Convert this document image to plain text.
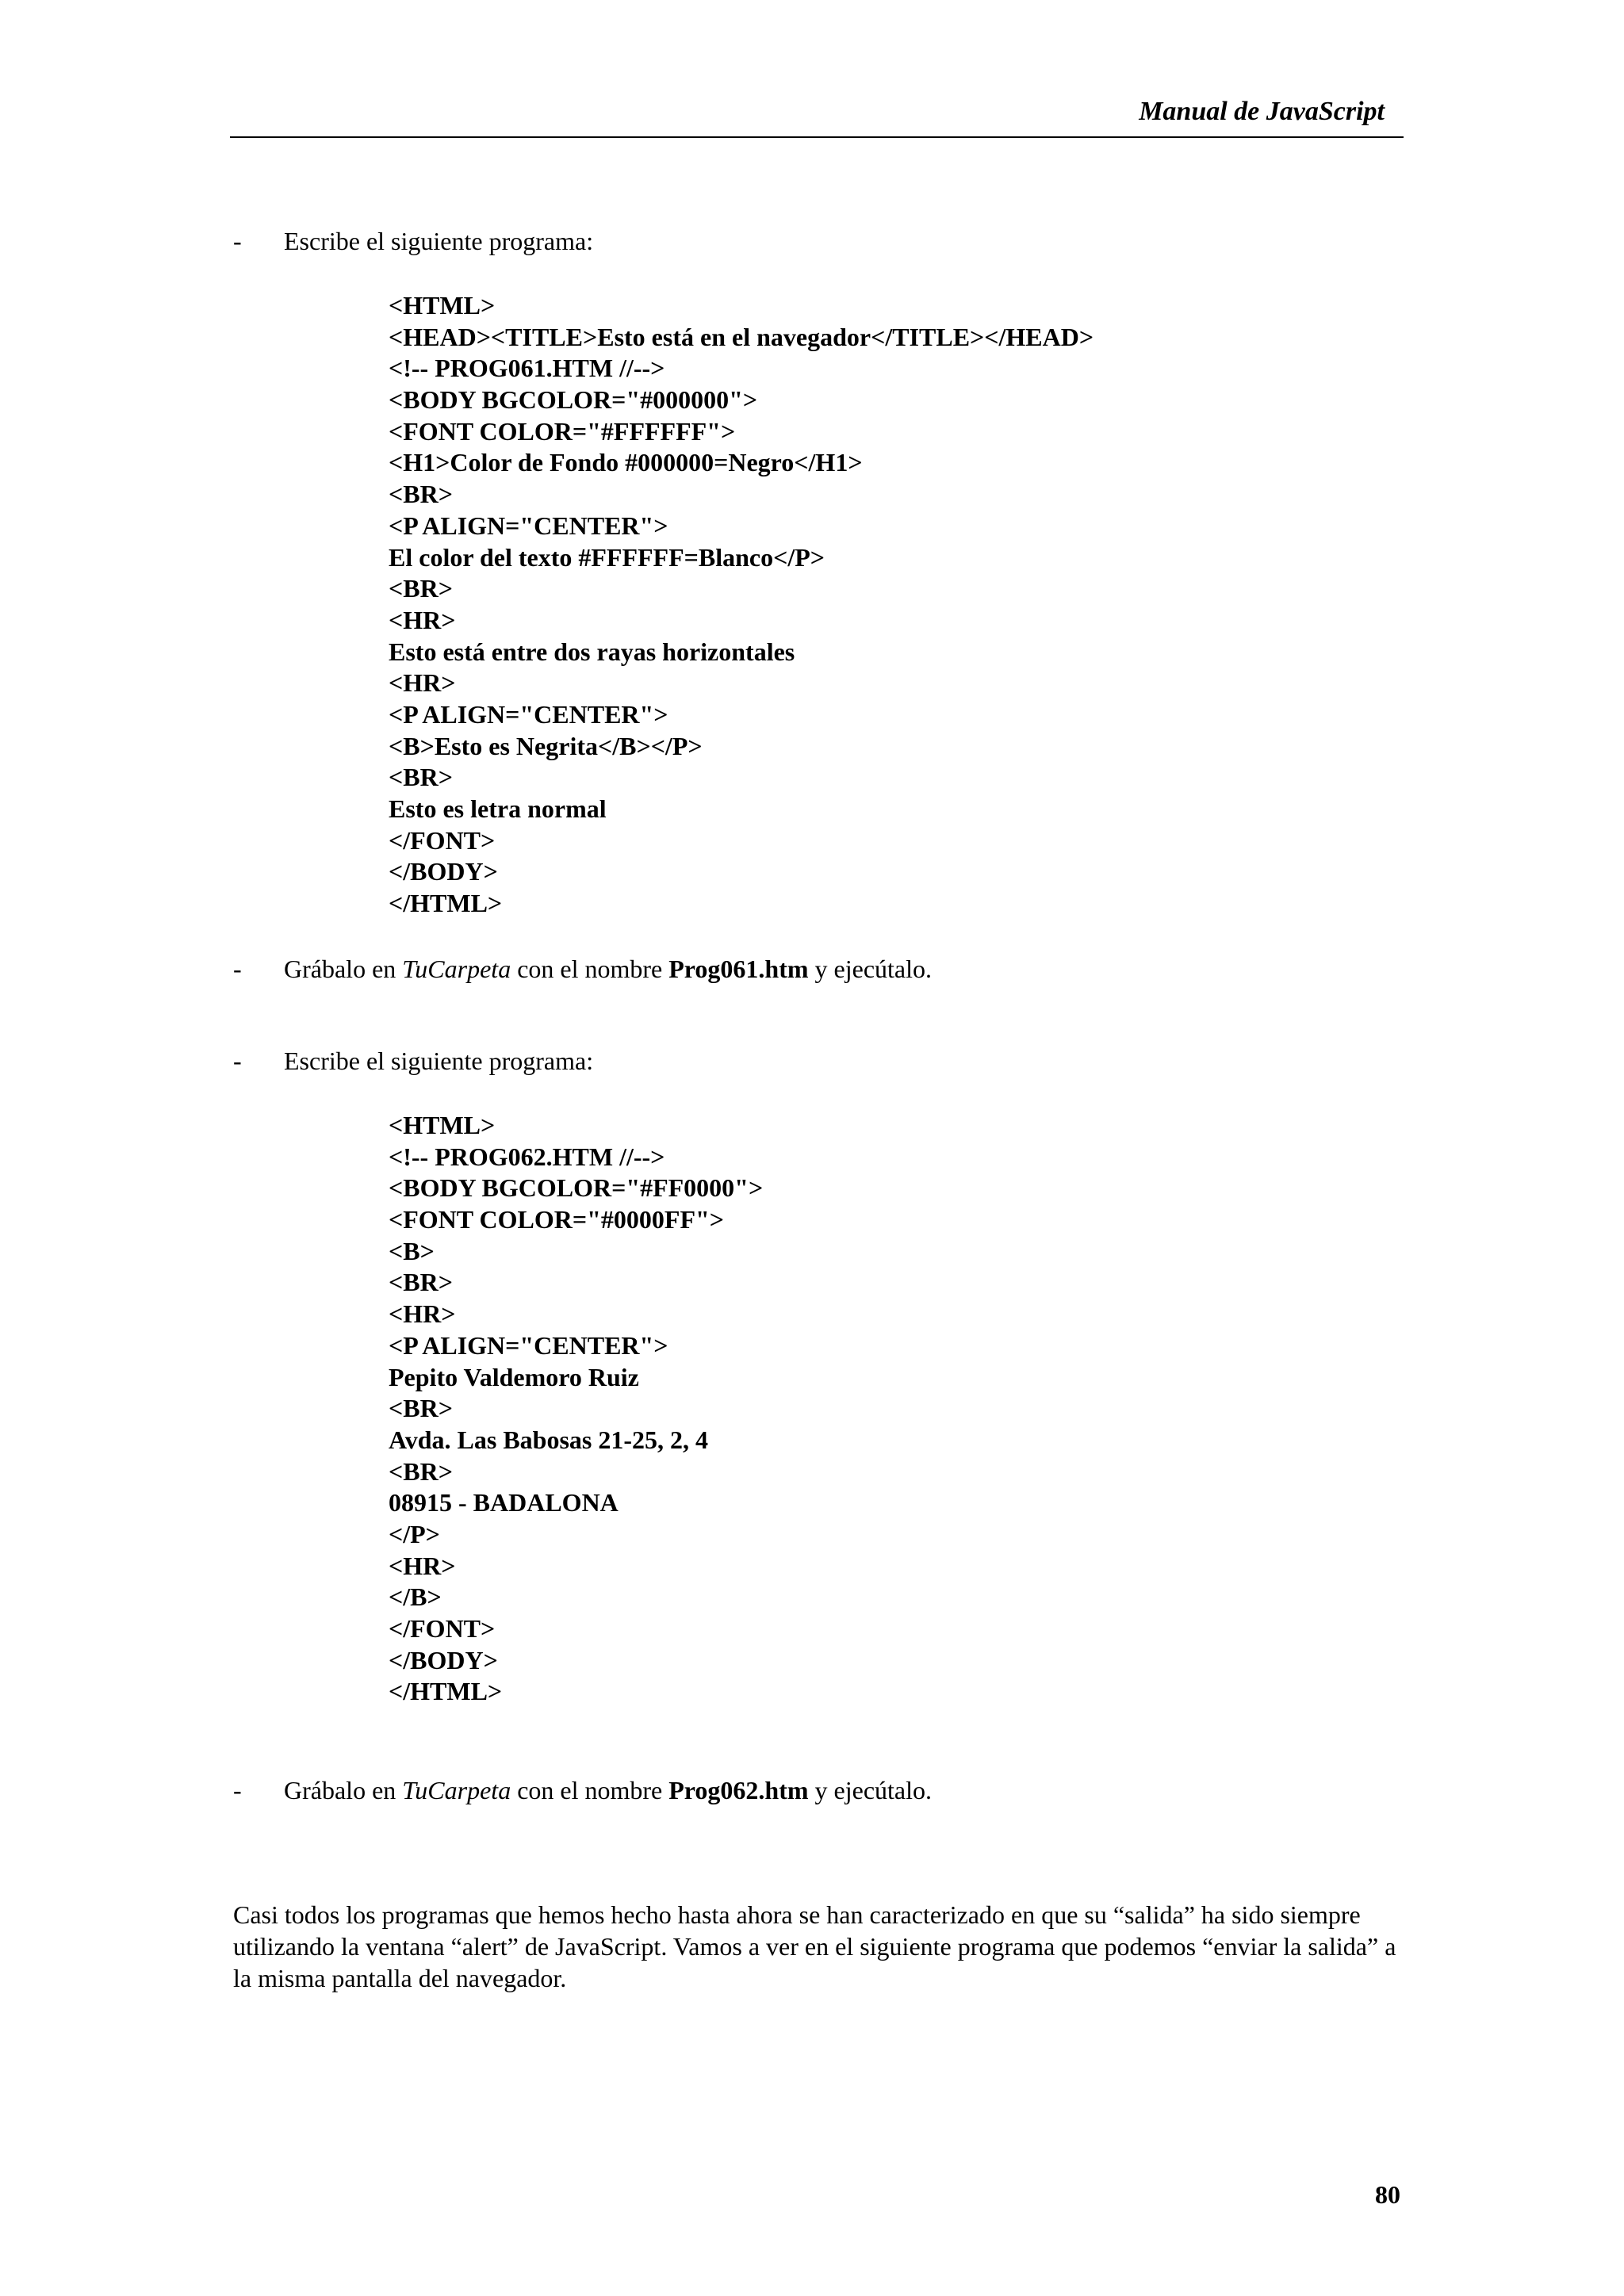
Manual de JavaScript
- Escribe el siguiente programa:
<HTML>
<HEAD><TITLE>Esto está en el navegador</TITLE></HEAD>
<!-- PROG061.HTM //-->
<BODY BGCOLOR="#000000">
<FONT COLOR="#FFFFFF">
<H1>Color de Fondo #000000=Negro</H1>
<BR>
<P ALIGN="CENTER">
El color del texto #FFFFFF=Blanco</P>
<BR>
<HR>
Esto está entre dos rayas horizontales
<HR>
<P ALIGN="CENTER">
<B>Esto es Negrita</B></P>
<BR>
Esto es letra normal
</FONT>
</BODY>
</HTML>
- Grábalo en TuCarpeta con el nombre Prog061.htm y ejecútalo.
- Escribe el siguiente programa:
<HTML>
<!-- PROG062.HTM //-->
<BODY BGCOLOR="#FF0000">
<FONT COLOR="#0000FF">
<B>
<BR>
<HR>
<P ALIGN="CENTER">
Pepito Valdemoro Ruiz
<BR>
Avda. Las Babosas 21-25, 2, 4
<BR>
08915 - BADALONA
</P>
<HR>
</B>
</FONT>
</BODY>
</HTML>
- Grábalo en TuCarpeta con el nombre Prog062.htm y ejecútalo.

Casi todos los programas que hemos hecho hasta ahora se han caracterizado en que su “salida” ha sido siempre utilizando la ventana “alert” de JavaScript. Vamos a ver en el siguiente programa que podemos “enviar la salida” a la misma pantalla del navegador.

80
